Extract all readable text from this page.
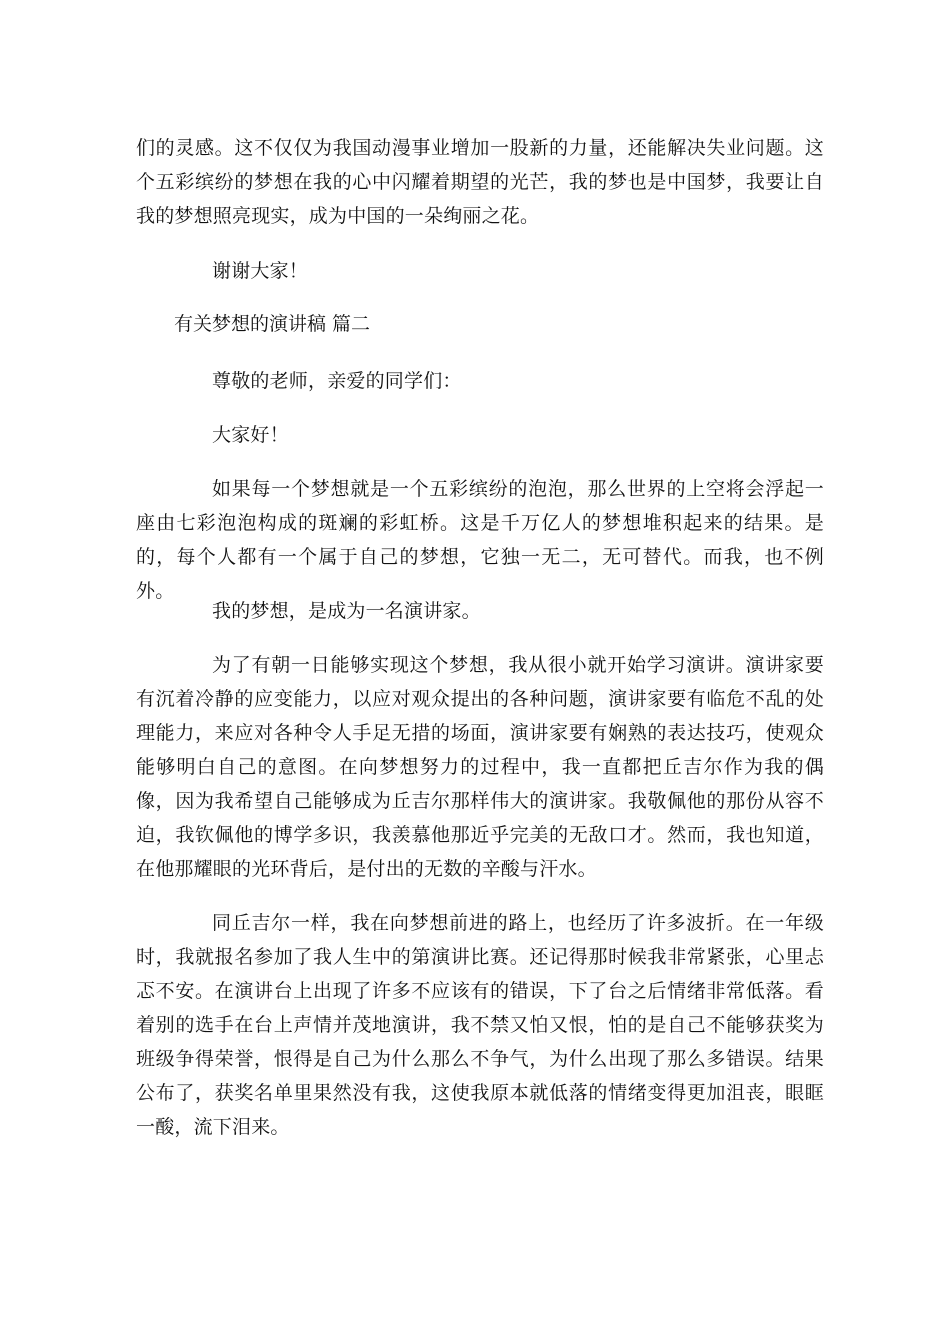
们的灵感。这不仅仅为我国动漫事业增加一股新的力量，还能解决失业问题。这个五彩缤纷的梦想在我的心中闪耀着期望的光芒，我的梦也是中国梦，我要让自我的梦想照亮现实，成为中国的一朵绚丽之花。

谢谢大家！

有关梦想的演讲稿 篇二

尊敬的老师，亲爱的同学们：

大家好！

如果每一个梦想就是一个五彩缤纷的泡泡，那么世界的上空将会浮起一座由七彩泡泡构成的斑斓的彩虹桥。这是千万亿人的梦想堆积起来的结果。是的，每个人都有一个属于自己的梦想，它独一无二，无可替代。而我，也不例外。

我的梦想，是成为一名演讲家。

为了有朝一日能够实现这个梦想，我从很小就开始学习演讲。演讲家要有沉着冷静的应变能力，以应对观众提出的各种问题，演讲家要有临危不乱的处理能力，来应对各种令人手足无措的场面，演讲家要有娴熟的表达技巧，使观众能够明白自己的意图。在向梦想努力的过程中，我一直都把丘吉尔作为我的偶像，因为我希望自己能够成为丘吉尔那样伟大的演讲家。我敬佩他的那份从容不迫，我钦佩他的博学多识，我羡慕他那近乎完美的无敌口才。然而，我也知道，在他那耀眼的光环背后，是付出的无数的辛酸与汗水。

同丘吉尔一样，我在向梦想前进的路上，也经历了许多波折。在一年级时，我就报名参加了我人生中的第演讲比赛。还记得那时候我非常紧张，心里忐忑不安。在演讲台上出现了许多不应该有的错误，下了台之后情绪非常低落。看着别的选手在台上声情并茂地演讲，我不禁又怕又恨，怕的是自己不能够获奖为班级争得荣誉，恨得是自己为什么那么不争气，为什么出现了那么多错误。结果公布了，获奖名单里果然没有我，这使我原本就低落的情绪变得更加沮丧，眼眶一酸，流下泪来。
